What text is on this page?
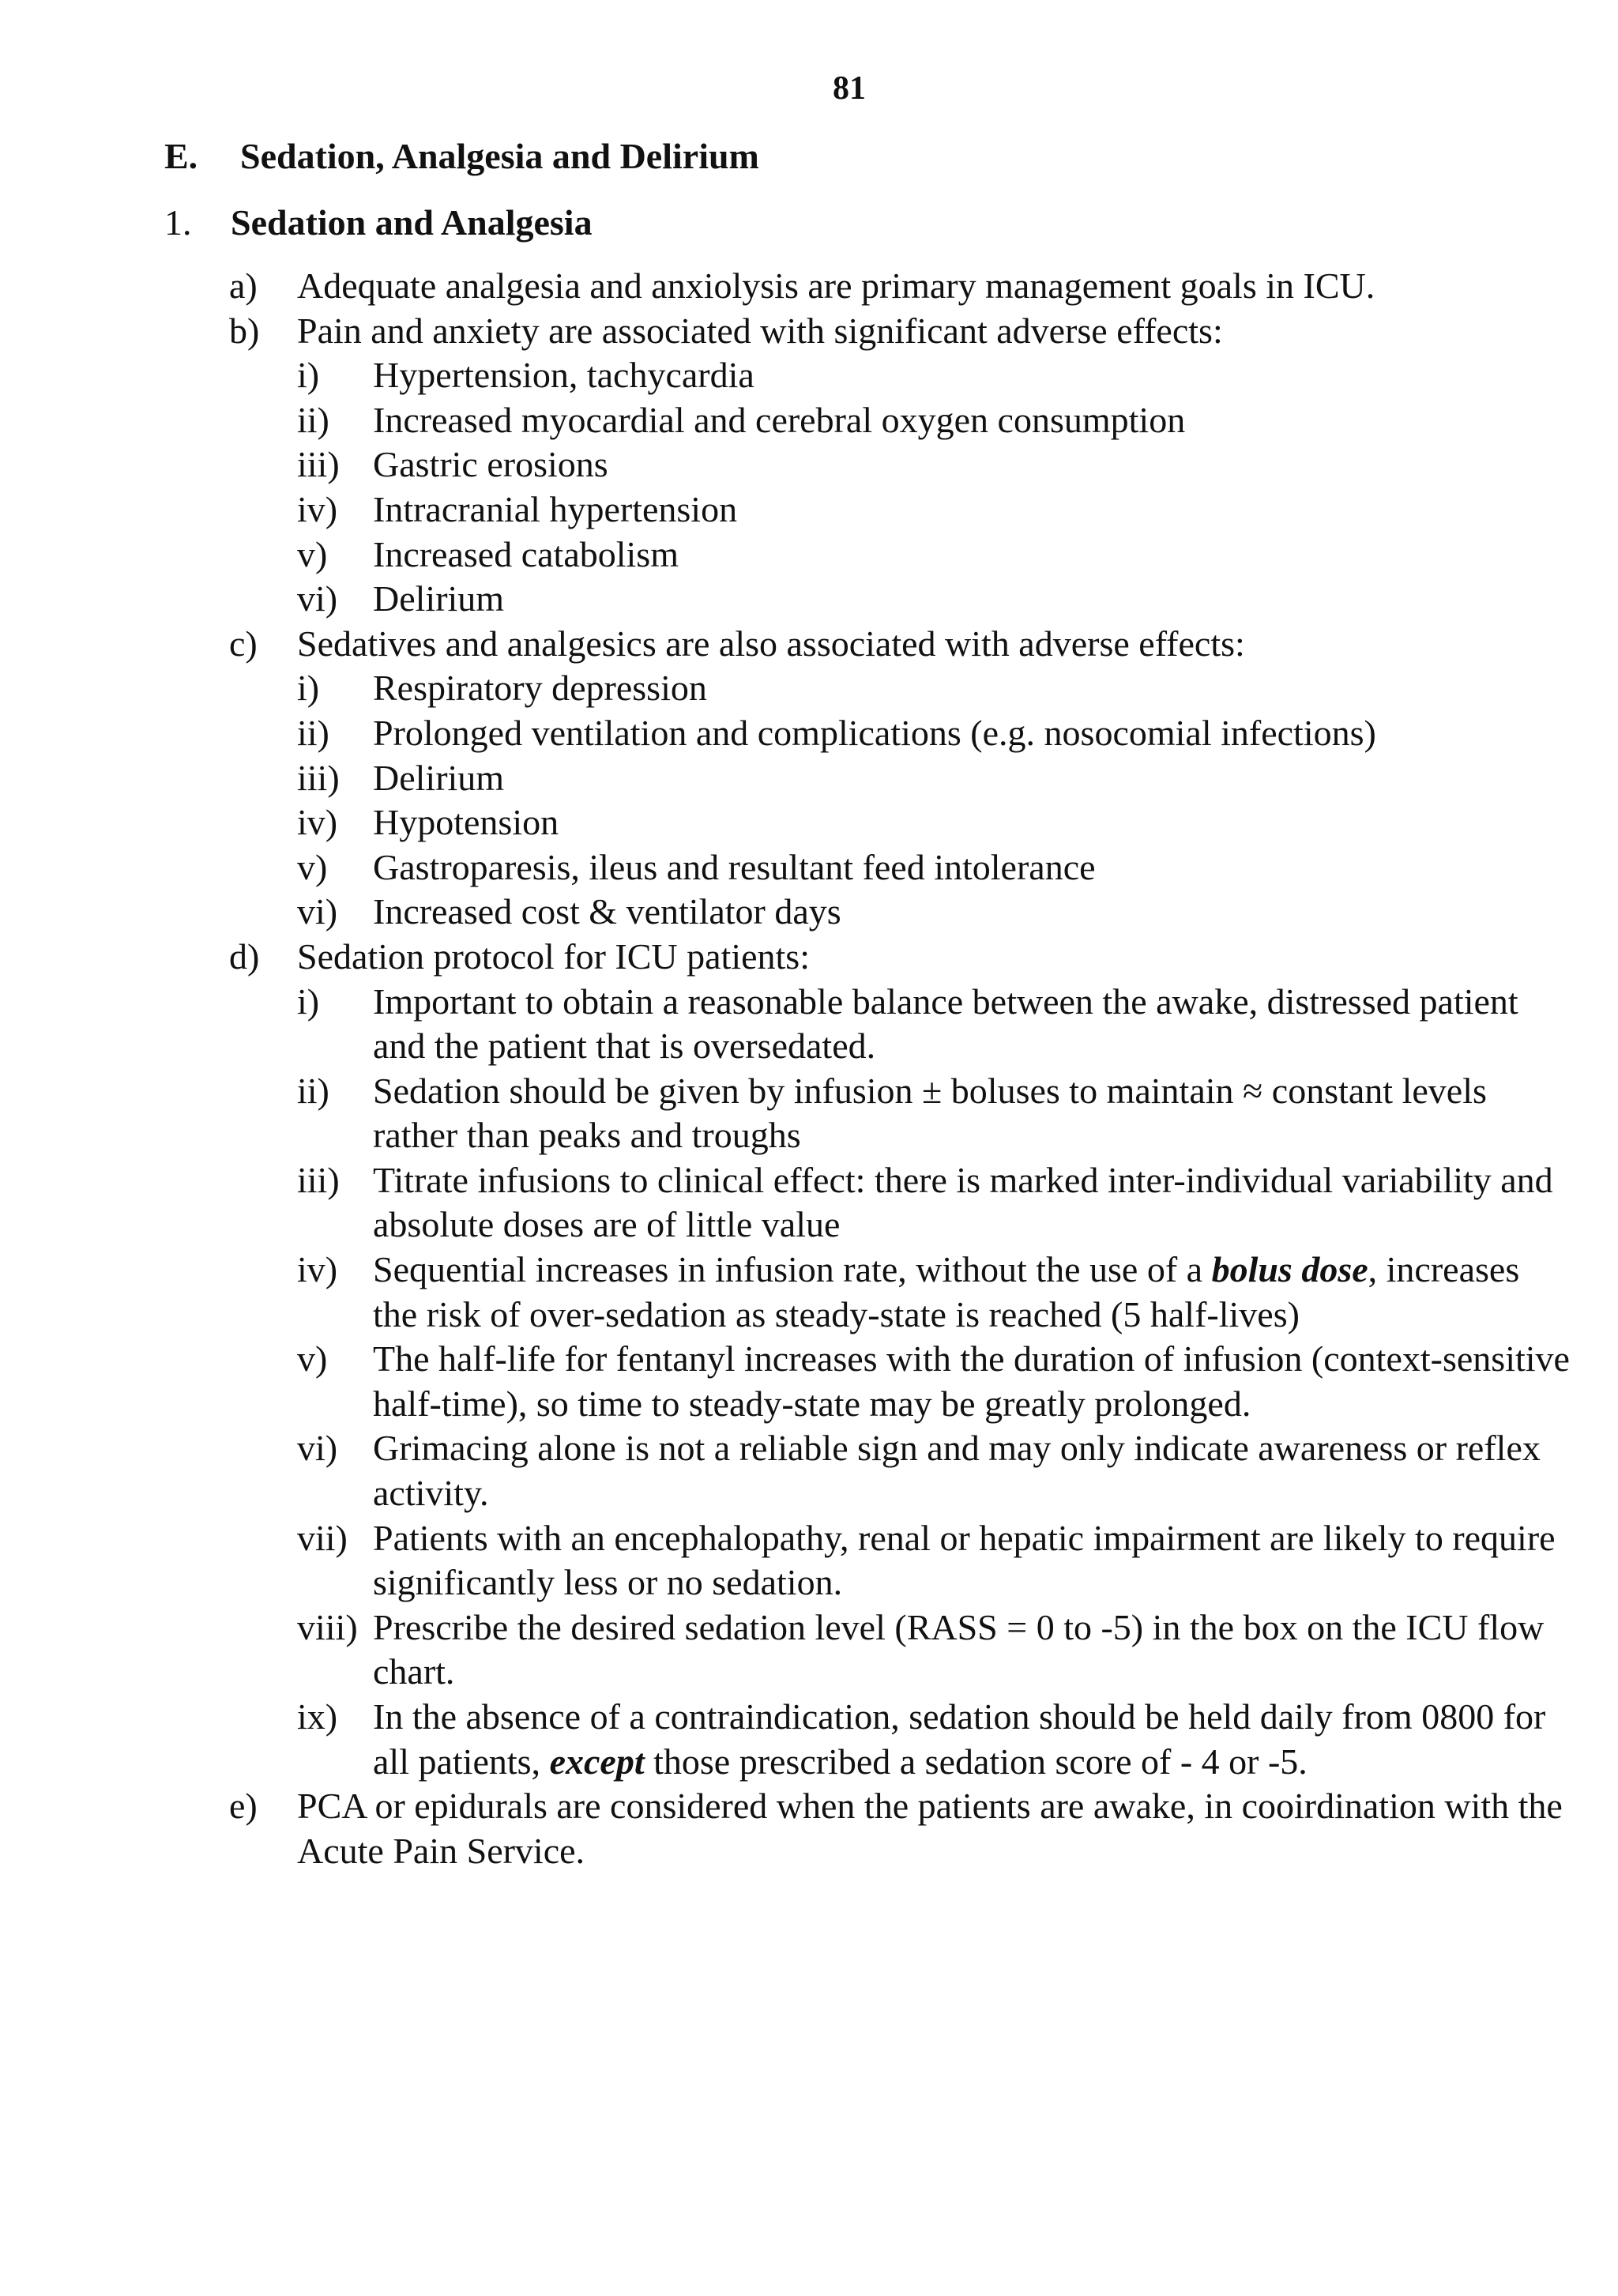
81
E. Sedation, Analgesia and Delirium
1. Sedation and Analgesia
a)	Adequate analgesia and anxiolysis are primary management goals in ICU.
b)	Pain and anxiety are associated with significant adverse effects:
i)	Hypertension, tachycardia
ii)	Increased myocardial and cerebral oxygen consumption
iii) Gastric erosions
iv) Intracranial hypertension
v)	Increased catabolism
vi) Delirium
c)	Sedatives and analgesics are also associated with adverse effects:
i)	Respiratory depression
ii)	Prolonged ventilation and complications (e.g. nosocomial infections)
iii) Delirium
iv) Hypotension
v)	Gastroparesis, ileus and resultant feed intolerance
vi) Increased cost & ventilator days
d)	Sedation protocol for ICU patients:
i)	Important to obtain a reasonable balance between the awake, distressed patient and the patient that is oversedated.
ii)	Sedation should be given by infusion ± boluses to maintain ≈ constant levels rather than peaks and troughs
iii) Titrate infusions to clinical effect: there is marked inter-individual variability and absolute doses are of little value
iv) Sequential increases in infusion rate, without the use of a bolus dose, increases the risk of over-sedation as steady-state is reached (5 half-lives)
v)	The half-life for fentanyl increases with the duration of infusion (context-sensitive half-time), so time to steady-state may be greatly prolonged.
vi) Grimacing alone is not a reliable sign and may only indicate awareness or reflex activity.
vii) Patients with an encephalopathy, renal or hepatic impairment are likely to require significantly less or no sedation.
viii) Prescribe the desired sedation level (RASS = 0 to -5) in the box on the ICU flow chart.
ix) In the absence of a contraindication, sedation should be held daily from 0800 for all patients, except those prescribed a sedation score of - 4 or -5.
e)	PCA or epidurals are considered when the patients are awake, in cooirdination with the Acute Pain Service.
